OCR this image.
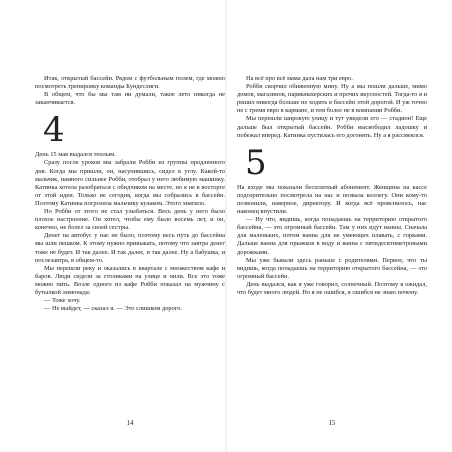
Итак, открытый бассейн. Рядом с футбольным полем, где можно посмотреть тренировку команды Бундеслиги.

В общем, что бы мы там ни думали, такое лето никогда не заканчивается.

4

День 15 мая выдался теплым.

Сразу после уроков мы забрали Робби из группы продленного дня. Когда мы пришли, он, насупившись, сидел в углу. Какой-то мальчик, намного сильнее Робби, отобрал у него любимую машинку. Катинка хотела разобраться с обидчиком на месте, но я не в восторге от этой идеи. Только не сегодня, когда мы собрались в бассейн. Поэтому Катинка погрозила мальчику кулаком. Этого хватило.

Но Робби от этого не стал улыбаться. Весь день у него было плохое настроение. Он хотел, чтобы ему было восемь лет, и он, конечно, не болел за своей сестры.

Денег на автобус у нас не было, поэтому весь путь до бассейна мы шли пешком. К этому нужно привыкать, потому что завтра денег тоже не будет. И так далее. И так далее, и так далее. Ну а бабушка, и послезавтра, в общем-то.

Мы перешли реку и оказались в квартале с множеством кафе и баров. Люди сидели за столиками на улице и пили. Все это тоже можно пить. Возле одного из кафе Робби показал на мужчину с бутылкой лимонада:

— Тоже хочу.

— Не выйдет, — сказал я. — Это слишком дорого.

14

На всё про всё мама дала нам три евро.

Робби скорчил обиженную мину. Ну а мы пошли дальше, мимо домов, магазинов, парикмахерских и прочих вкусностей. Тогда-то я и решил никогда больше не ходить в бассейн этой дорогой. И уж точно не с тремя евро в кармане, и тем более не в компании Робби.

Мы перешли широкую улицу и тут увидели его — стадион! Еще дальше был открытый бассейн. Робби высвободил ладошку и побежал вперед. Катинка пустилась его догонять. Ну а я рассмеялся.

5

На входе мы показали бесплатный абонемент. Женщина на кассе подозрительно посмотрела на нас и позвала коллегу. Они кому-то позвонили, наверное, директору. И когда всё прояснилось, нас наконец впустили.

— Ну что, видишь, когда попадаешь на территорию открытого бассейна, — это огромный бассейн. Там у них идут ванны. Сначала для маленьких, потом ванна для не умеющих плавать, с горками. Дальше ванна для прыжков в воду и ванна с пятидесятиметровыми дорожками.

Мы уже бывали здесь раньше с родителями. Первое, что ты видишь, когда попадаешь на территорию открытого бассейна, — это огромный бассейн.

День выдался, как я уже говорил, солнечный. Поэтому я ожидал, что будет много людей. Но я не ошибся, я ошибся не знаю почему.

15
